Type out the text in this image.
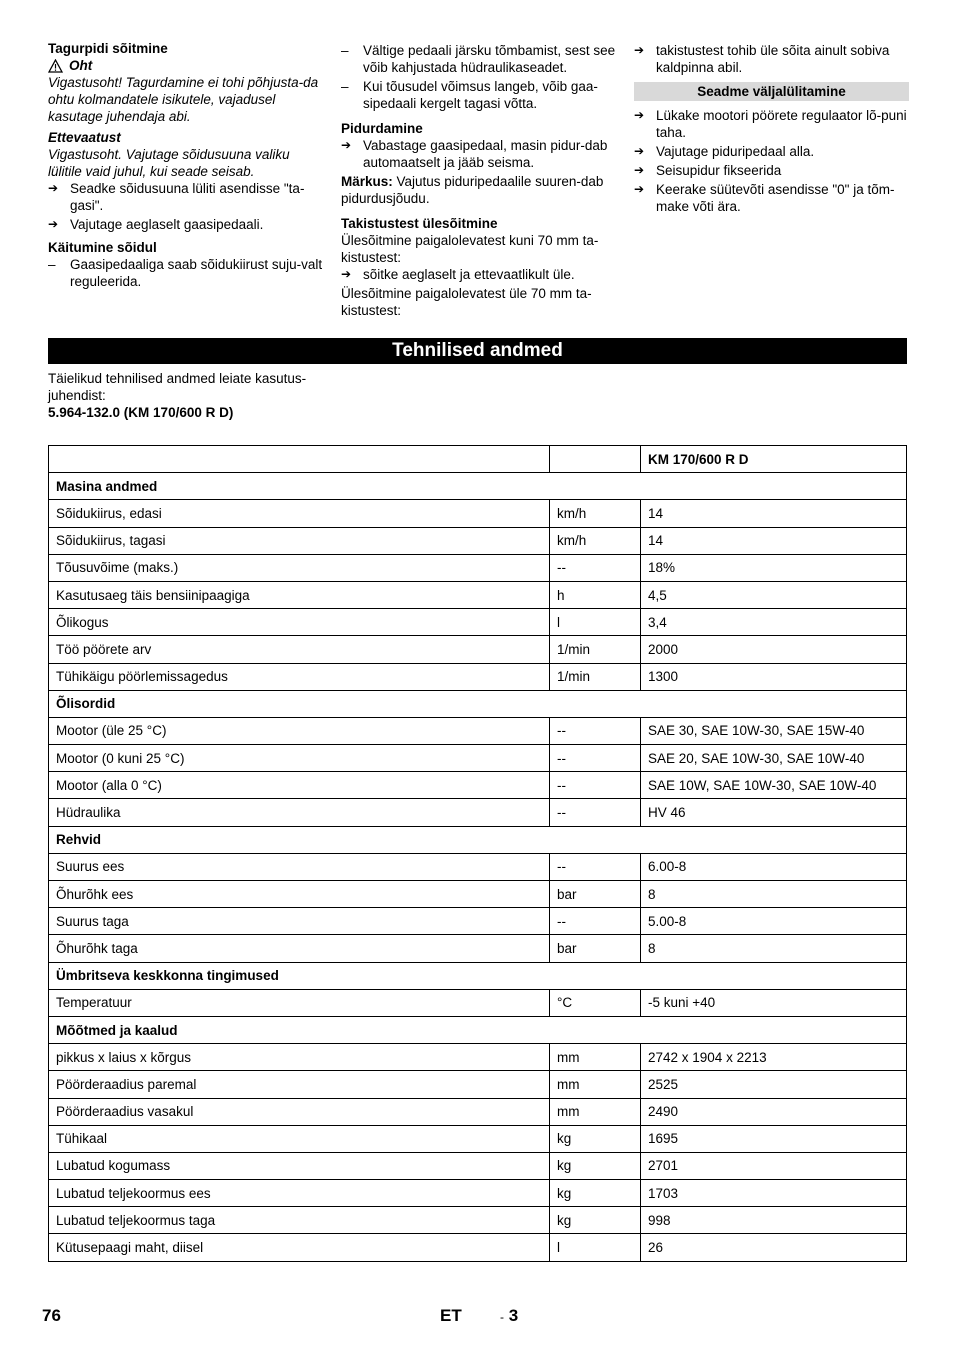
Tagurpidi sõitmine
Oht

Vigastusoht! Tagurdamine ei tohi põhjusta-da ohtu kolmandatele isikutele, vajadusel kasutage juhendaja abi.

Ettevaatust

Vigastusoht. Vajutage sõidusuuna valiku lülitile vaid juhul, kui seade seisab.

➔ Seadke sõidusuuna lüliti asendisse "ta-gasi".
➔ Vajutage aeglaselt gaasipedaali.
Käitumine sõidul
– Gaasipedaaliga saab sõidukiirust suju-valt reguleerida.
– Vältige pedaali järsku tõmbamist, sest see võib kahjustada hüdraulikaseadet.
– Kui tõusudel võimsus langeb, võib gaa-sipedaali kergelt tagasi võtta.
Pidurdamine
➔ Vabastage gaasipedaal, masin pidur-dab automaatselt ja jääb seisma.

Märkus: Vajutus piduripedaalile suuren-dab pidurdusjõudu.

Takistustest ülesõitmine

Ülesõitmine paigalolevatest kuni 70 mm ta-kistustest:

➔ sõitke aeglaselt ja ettevaatlikult üle.

Ülesõitmine paigalolevatest üle 70 mm ta-kistustest:

➔ takistustest tohib üle sõita ainult sobiva kaldpinna abil.
Seadme väljalülitamine
➔ Lükake mootori pöörete regulaator lõ-puni taha.
➔ Vajutage piduripedaal alla.
➔ Seisupidur fikseerida
➔ Keerake süütevõti asendisse "0" ja tõm-make võti ära.
Tehnilised andmed
Täielikud tehnilised andmed leiate kasutus-juhendist:
5.964-132.0 (KM 170/600 R D)
		KM 170/600 R D
Masina andmed		
Sõidukiirus, edasi	km/h	14
Sõidukiirus, tagasi	km/h	14
Tõusuvõime (maks.)	--	18%
Kasutusaeg täis bensiinipaagiga	h	4,5
Õlikogus	l	3,4
Töö pöörete arv	1/min	2000
Tühikäigu pöörlemissagedus	1/min	1300
Õlisordid		
Mootor (üle 25 °C)	--	SAE 30, SAE 10W-30, SAE 15W-40
Mootor (0 kuni 25 °C)	--	SAE 20, SAE 10W-30, SAE 10W-40
Mootor (alla 0 °C)	--	SAE 10W, SAE 10W-30, SAE 10W-40
Hüdraulika	--	HV 46
Rehvid		
Suurus ees	--	6.00-8
Õhurõhk ees	bar	8
Suurus taga	--	5.00-8
Õhurõhk taga	bar	8
Ümbritseva keskkonna tingimused		
Temperatuur	°C	-5 kuni +40
Mõõtmed ja kaalud		
pikkus x laius x kõrgus	mm	2742 x 1904 x 2213
Pöörderaadius paremal	mm	2525
Pöörderaadius vasakul	mm	2490
Tühikaal	kg	1695
Lubatud kogumass	kg	2701
Lubatud teljekoormus ees	kg	1703
Lubatud teljekoormus taga	kg	998
Kütusepaagi maht, diisel	l	26
76	ET	- 3
